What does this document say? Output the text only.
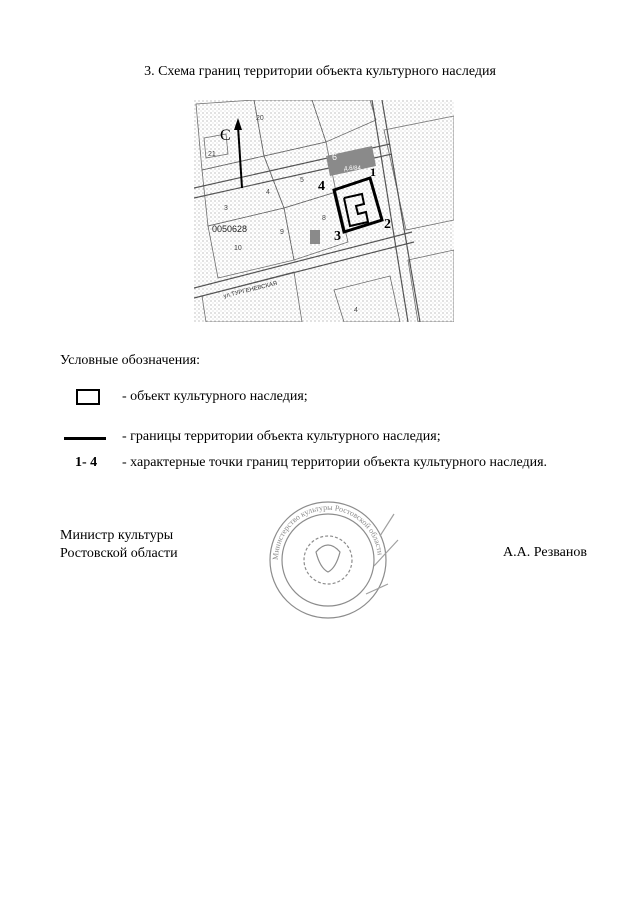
3. Схема границ территории объекта культурного наследия
С
1
2
3
4
20
21	6
4
3
5
8
9
10
4
д.6/84
0050628
ул.ТУРГЕНЕВСКАЯ
Условные обозначения:
- объект культурного наследия;
- границы территории объекта культурного наследия;
1- 4 - характерные точки границ территории объекта культурного наследия.
Министр культуры
Ростовской области	Министерство культуры Ростовской области	А.А. Резванов
